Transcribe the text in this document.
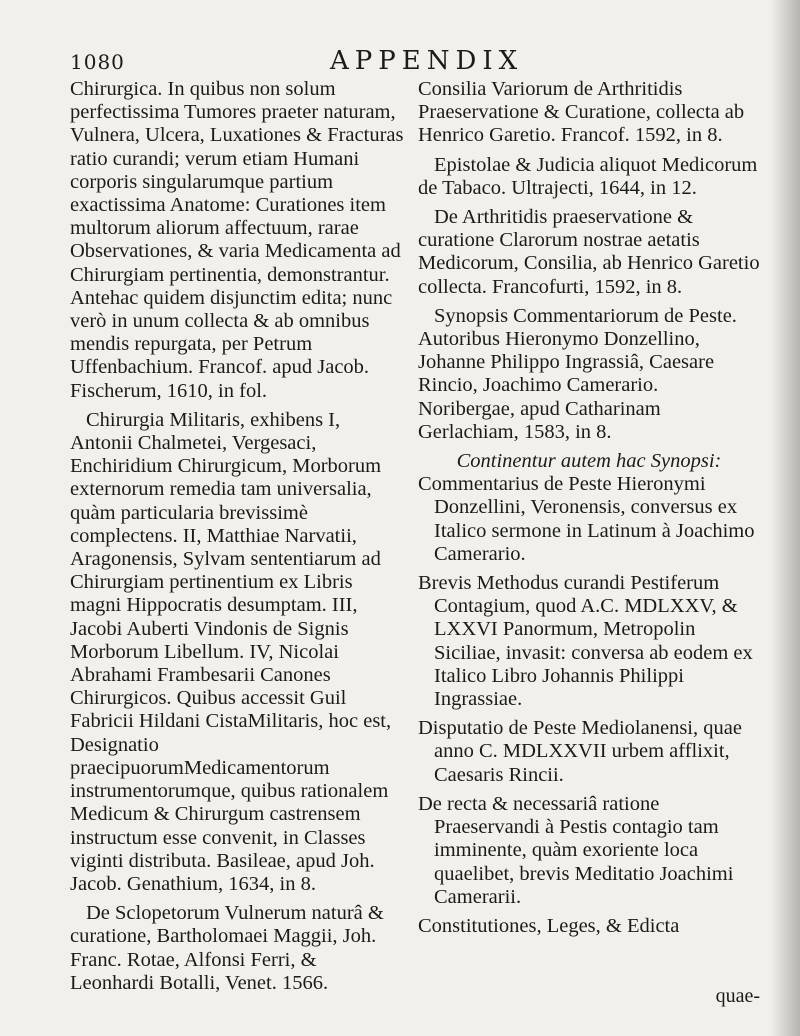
1080	APPENDIX

Chirurgica. In quibus non solum perfectissima Tumores praeter naturam, Vulnera, Ulcera, Luxationes & Fracturas ratio curandi; verum etiam Humani corporis singularumque partium exactissima Anatome: Curationes item multorum aliorum affectuum, rarae Observationes, & varia Medicamenta ad Chirurgiam pertinentia, demonstrantur. Antehac quidem disjunctim edita; nunc verò in unum collecta & ab omnibus mendis repurgata, per Petrum Uffenbachium. Francof. apud Jacob. Fischerum, 1610, in fol.

Chirurgia Militaris, exhibens I, Antonii Chalmetei, Vergesaci, Enchiridium Chirurgicum, Morborum externorum remedia tam universalia, quàm particularia brevissimè complectens. II, Matthiae Narvatii, Aragonensis, Sylvam sententiarum ad Chirurgiam pertinentium ex Libris magni Hippocratis desumptam. III, Jacobi Auberti Vindonis de Signis Morborum Libellum. IV, Nicolai Abrahami Frambesarii Canones Chirurgicos. Quibus accessit Guil Fabricii Hildani CistaMilitaris, hoc est, Designatio praecipuorumMedicamentorum instrumentorumque, quibus rationalem Medicum & Chirurgum castrensem instructum esse convenit, in Classes viginti distributa. Basileae, apud Joh. Jacob. Genathium, 1634, in 8.

De Sclopetorum Vulnerum naturâ & curatione, Bartholomaei Maggii, Joh. Franc. Rotae, Alfonsi Ferri, & Leonhardi Botalli, Venet. 1566.

Consilia Variorum de Arthritidis Praeservatione & Curatione, collecta ab Henrico Garetio. Francof. 1592, in 8.

Epistolae & Judicia aliquot Medicorum de Tabaco. Ultrajecti, 1644, in 12.

De Arthritidis praeservatione & curatione Clarorum nostrae aetatis Medicorum, Consilia, ab Henrico Garetio collecta. Francofurti, 1592, in 8.

Synopsis Commentariorum de Peste. Autoribus Hieronymo Donzellino, Johanne Philippo Ingrassiâ, Caesare Rincio, Joachimo Camerario. Noribergae, apud Catharinam Gerlachiam, 1583, in 8.

Continentur autem hac Synopsi:

Commentarius de Peste Hieronymi Donzellini, Veronensis, conversus ex Italico sermone in Latinum à Joachimo Camerario.

Brevis Methodus curandi Pestiferum Contagium, quod A.C. MDLXXV, & LXXVI Panormum, Metropolin Siciliae, invasit: conversa ab eodem ex Italico Libro Johannis Philippi Ingrassiae.

Disputatio de Peste Mediolanensi, quae anno C. MDLXXVII urbem afflixit, Caesaris Rincii.

De recta & necessariâ ratione Praeservandi à Pestis contagio tam imminente, quàm exoriente loca quaelibet, brevis Meditatio Joachimi Camerarii.

Constitutiones, Leges, & Edicta

quae-
